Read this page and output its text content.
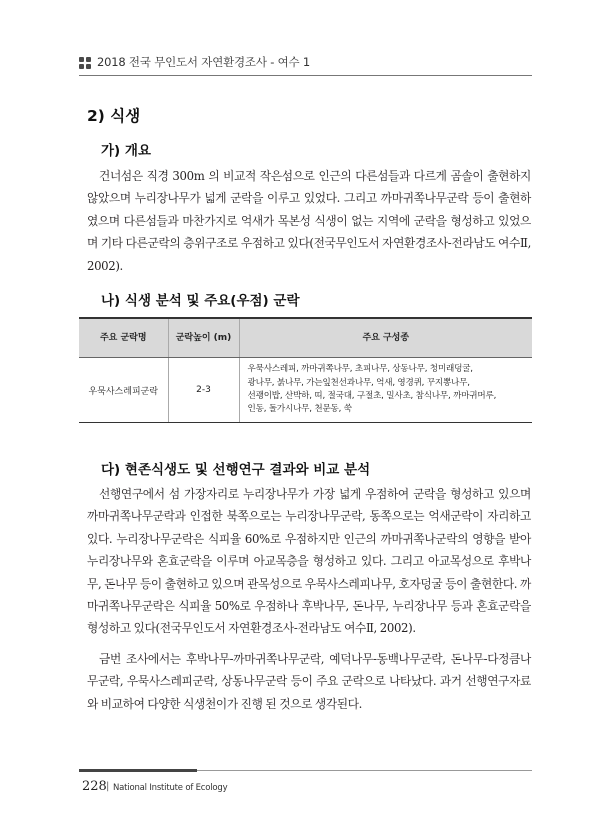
2018 전국 무인도서 자연환경조사 - 여수 1
2) 식생
가) 개요

건너섬은 직경 300m 의 비교적 작은섬으로 인근의 다른섬들과 다르게 곰솔이 출현하지 않았으며 누리장나무가 넓게 군락을 이루고 있었다. 그리고 까마귀쪽나무군락 등이 출현하였으며 다른섬들과 마찬가지로 억새가 목본성 식생이 없는 지역에 군락을 형성하고 있었으며 기타 다른군락의 층위구조로 우점하고 있다(전국무인도서 자연환경조사-전라남도 여수Ⅱ, 2002).

나) 식생 분석 및 주요(우점) 군락
주요 군락명	군락높이 (m)	주요 구성종
우묵사스레피군락	2-3	우묵사스레피, 까마귀쪽나무, 초피나무, 상동나무, 청미래덩굴,
광나무, 붉나무, 가는잎천선과나무, 억새, 영경퀴, 꾸지뽕나무,
선괭이밥, 산박하, 띠, 절국대, 구절초, 밀사초, 참식나무, 까마귀머루,
인동, 돌가시나무, 천문동, 쑥
다) 현존식생도 및 선행연구 결과와 비교 분석

선행연구에서 섬 가장자리로 누리장나무가 가장 넓게 우점하여 군락을 형성하고 있으며 까마귀쪽나무군락과 인접한 북쪽으로는 누리장나무군락, 동쪽으로는 억새군락이 자리하고 있다. 누리장나무군락은 식피율 60%로 우점하지만 인근의 까마귀쪽나군락의 영향을 받아 누리장나무와 혼효군락을 이루며 아교목층을 형성하고 있다. 그리고 아교목성으로 후박나무, 돈나무 등이 출현하고 있으며 관목성으로 우묵사스레피나무, 호자덩굴 등이 출현한다. 까마귀쪽나무군락은 식피율 50%로 우점하나 후박나무, 돈나무, 누리장나무 등과 혼효군락을 형성하고 있다(전국무인도서 자연환경조사-전라남도 여수Ⅱ, 2002).

금번 조사에서는 후박나무-까마귀쪽나무군락, 예덕나무-동백나무군락, 돈나무-다정큼나무군락, 우묵사스레피군락, 상동나무군락 등이 주요 군락으로 나타났다. 과거 선행연구자료와 비교하여 다양한 식생천이가 진행 된 것으로 생각된다.

228 | National Institute of Ecology
